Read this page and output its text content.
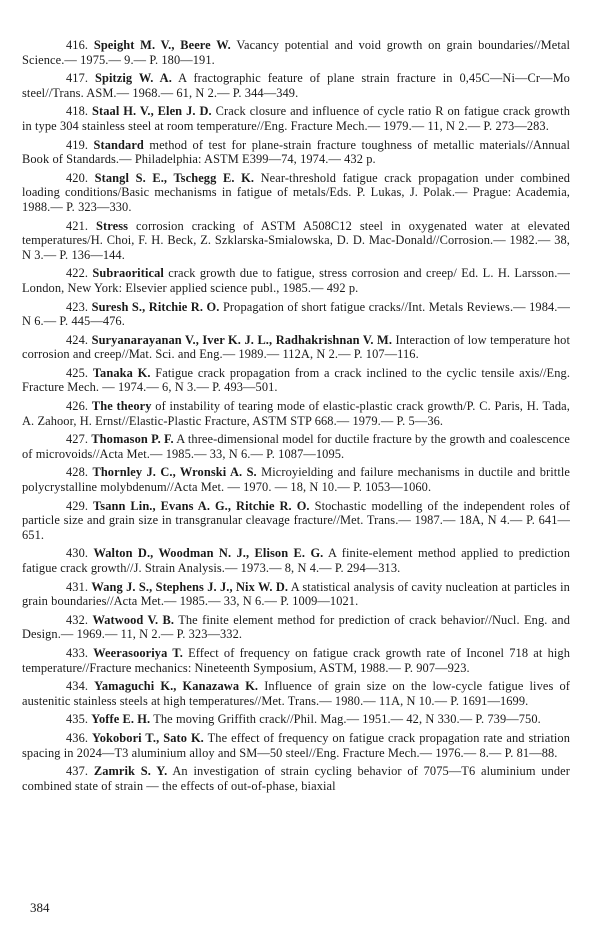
416. Speight M. V., Beere W. Vacancy potential and void growth on grain boundaries//Metal Science.— 1975.— 9.— P. 180—191.

417. Spitzig W. A. A fractographic feature of plane strain fracture in 0,45C—Ni—Cr—Mo steel//Trans. ASM.— 1968.— 61, N 2.— P. 344—349.

418. Staal H. V., Elen J. D. Crack closure and influence of cycle ratio R on fatigue crack growth in type 304 stainless steel at room temperature//Eng. Fracture Mech.— 1979.— 11, N 2.— P. 273—283.

419. Standard method of test for plane-strain fracture toughness of metallic materials//Annual Book of Standards.— Philadelphia: ASTM E399—74, 1974.— 432 p.

420. Stangl S. E., Tschegg E. K. Near-threshold fatigue crack propagation under combined loading conditions/Basic mechanisms in fatigue of metals/Eds. P. Lukas, J. Polak.— Prague: Academia, 1988.— P. 323—330.

421. Stress corrosion cracking of ASTM A508C12 steel in oxygenated water at elevated temperatures/H. Choi, F. H. Beck, Z. Szklarska-Smialowska, D. D. Mac-Donald//Corrosion.— 1982.— 38, N 3.— P. 136—144.

422. Subraoritical crack growth due to fatigue, stress corrosion and creep/ Ed. L. H. Larsson.— London, New York: Elsevier applied science publ., 1985.— 492 p.

423. Suresh S., Ritchie R. O. Propagation of short fatigue cracks//Int. Metals Reviews.— 1984.— N 6.— P. 445—476.

424. Suryanarayanan V., Iver K. J. L., Radhakrishnan V. M. Interaction of low temperature hot corrosion and creep//Mat. Sci. and Eng.— 1989.— 112A, N 2.— P. 107—116.

425. Tanaka K. Fatigue crack propagation from a crack inclined to the cyclic tensile axis//Eng. Fracture Mech. — 1974.— 6, N 3.— P. 493—501.

426. The theory of instability of tearing mode of elastic-plastic crack growth/P. C. Paris, H. Tada, A. Zahoor, H. Ernst//Elastic-Plastic Fracture, ASTM STP 668.— 1979.— P. 5—36.

427. Thomason P. F. A three-dimensional model for ductile fracture by the growth and coalescence of microvoids//Acta Met.— 1985.— 33, N 6.— P. 1087—1095.

428. Thornley J. C., Wronski A. S. Microyielding and failure mechanisms in ductile and brittle polycrystalline molybdenum//Acta Met. — 1970. — 18, N 10.— P. 1053—1060.

429. Tsann Lin., Evans A. G., Ritchie R. O. Stochastic modelling of the independent roles of particle size and grain size in transgranular cleavage fracture//Met. Trans.— 1987.— 18A, N 4.— P. 641—651.

430. Walton D., Woodman N. J., Elison E. G. A finite-element method applied to prediction fatigue crack growth//J. Strain Analysis.— 1973.— 8, N 4.— P. 294—313.

431. Wang J. S., Stephens J. J., Nix W. D. A statistical analysis of cavity nucleation at particles in grain boundaries//Acta Met.— 1985.— 33, N 6.— P. 1009—1021.

432. Watwood V. B. The finite element method for prediction of crack behavior//Nucl. Eng. and Design.— 1969.— 11, N 2.— P. 323—332.

433. Weerasooriya T. Effect of frequency on fatigue crack growth rate of Inconel 718 at high temperature//Fracture mechanics: Nineteenth Symposium, ASTM, 1988.— P. 907—923.

434. Yamaguchi K., Kanazawa K. Influence of grain size on the low-cycle fatigue lives of austenitic stainless steels at high temperatures//Met. Trans.— 1980.— 11A, N 10.— P. 1691—1699.

435. Yoffe E. H. The moving Griffith crack//Phil. Mag.— 1951.— 42, N 330.— P. 739—750.

436. Yokobori T., Sato K. The effect of frequency on fatigue crack propagation rate and striation spacing in 2024—T3 aluminium alloy and SM—50 steel//Eng. Fracture Mech.— 1976.— 8.— P. 81—88.

437. Zamrik S. Y. An investigation of strain cycling behavior of 7075—T6 aluminium under combined state of strain — the effects of out-of-phase, biaxial

384
